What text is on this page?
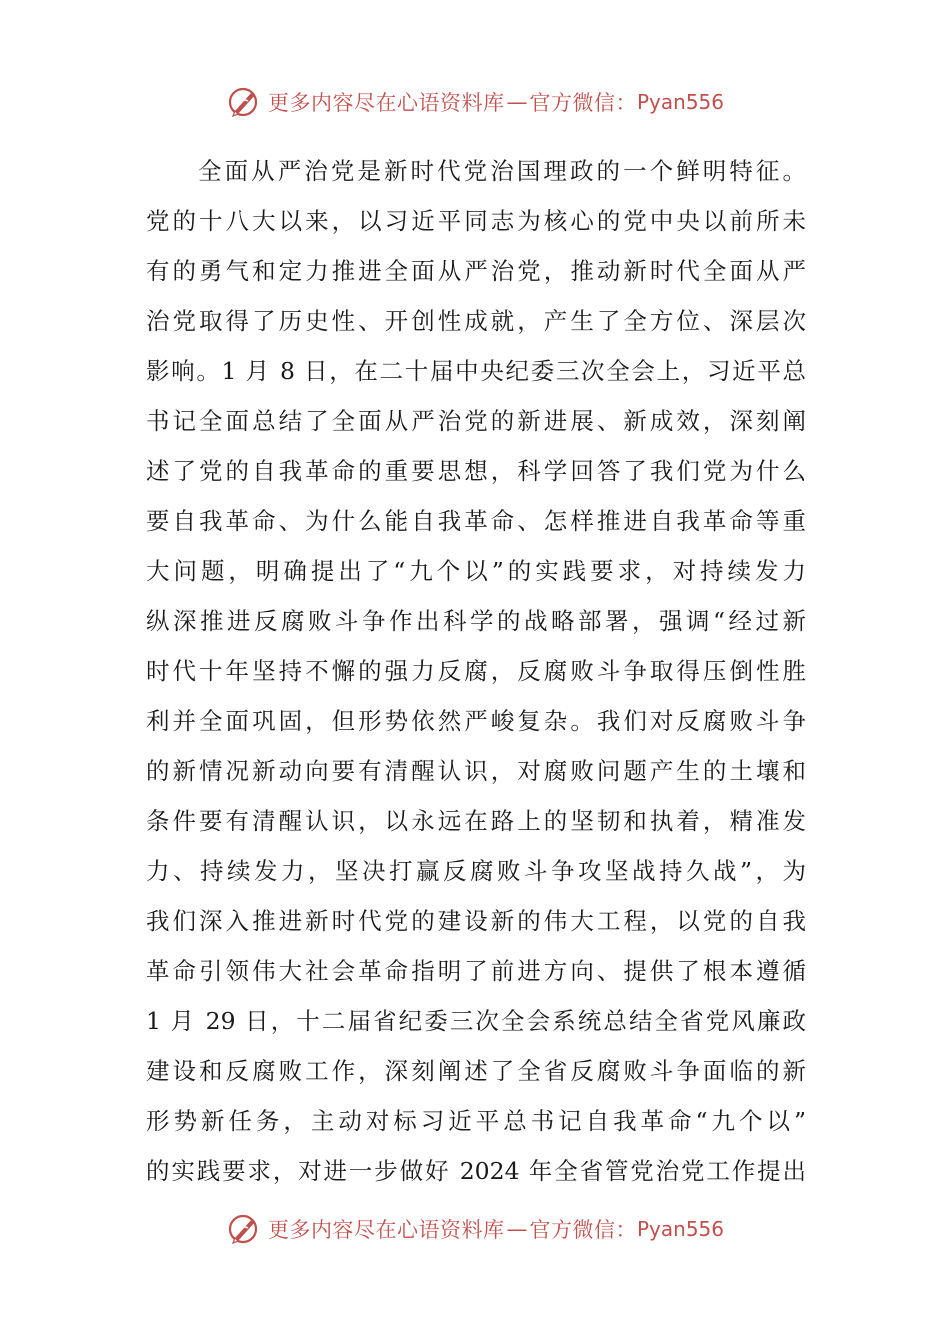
更多内容尽在心语资料库 — 官方微信： Pyan556
全面从严治党是新时代党治国理政的一个鲜明特征。
党的十八大以来，以习近平同志为核心的党中央以前所未
有的勇气和定力推进全面从严治党，推动新时代全面从严
治党取得了历史性、开创性成就，产生了全方位、深层次
影响。1 月 8 日，在二十届中央纪委三次全会上，习近平总
书记全面总结了全面从严治党的新进展、新成效，深刻阐
述了党的自我革命的重要思想，科学回答了我们党为什么
要自我革命、为什么能自我革命、怎样推进自我革命等重
大问题，明确提出了“九个以”的实践要求，对持续发力
纵深推进反腐败斗争作出科学的战略部署，强调“经过新
时代十年坚持不懈的强力反腐，反腐败斗争取得压倒性胜
利并全面巩固，但形势依然严峻复杂。我们对反腐败斗争
的新情况新动向要有清醒认识，对腐败问题产生的土壤和
条件要有清醒认识，以永远在路上的坚韧和执着，精准发
力、持续发力，坚决打赢反腐败斗争攻坚战持久战”，为
我们深入推进新时代党的建设新的伟大工程，以党的自我
革命引领伟大社会革命指明了前进方向、提供了根本遵循
1 月 29 日，十二届省纪委三次全会系统总结全省党风廉政
建设和反腐败工作，深刻阐述了全省反腐败斗争面临的新
形势新任务，主动对标习近平总书记自我革命“九个以”
的实践要求，对进一步做好 2024 年全省管党治党工作提出
更多内容尽在心语资料库 — 官方微信： Pyan556
